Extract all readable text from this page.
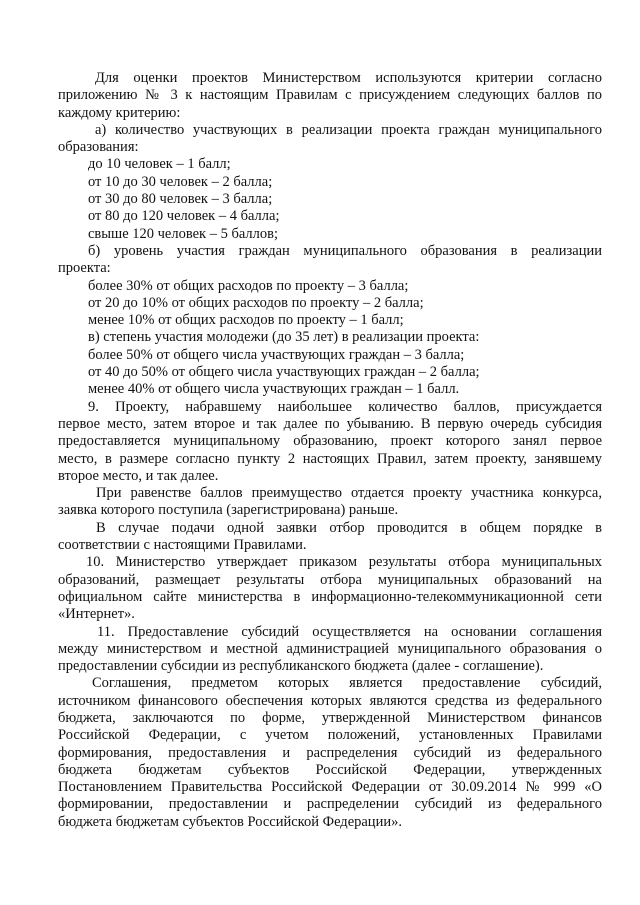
Для оценки проектов Министерством используются критерии согласно
приложению № 3 к настоящим Правилам с присуждением следующих баллов по
каждому критерию:
а) количество участвующих в реализации проекта граждан муниципального
образования:
до 10 человек – 1 балл;
от 10 до 30 человек – 2 балла;
от 30 до 80 человек – 3 балла;
от 80 до 120 человек – 4 балла;
свыше 120 человек – 5 баллов;
б) уровень участия граждан муниципального образования в реализации
проекта:
более 30% от общих расходов по проекту – 3 балла;
от 20 до 10% от общих расходов по проекту – 2 балла;
менее 10% от общих расходов по проекту – 1 балл;
в) степень участия молодежи (до 35 лет) в реализации проекта:
более 50% от общего числа участвующих граждан – 3 балла;
от 40 до 50% от общего числа участвующих граждан – 2 балла;
менее 40% от общего числа участвующих граждан – 1 балл.
9. Проекту, набравшему наибольшее количество баллов, присуждается
первое место, затем второе и так далее по убыванию. В первую очередь субсидия
предоставляется муниципальному образованию, проект которого занял первое
место, в размере согласно пункту 2 настоящих Правил, затем проекту, занявшему
второе место, и так далее.
При равенстве баллов преимущество отдается проекту участника конкурса,
заявка которого поступила (зарегистрирована) раньше.
В случае подачи одной заявки отбор проводится в общем порядке в
соответствии с настоящими Правилами.
10. Министерство утверждает приказом результаты отбора муниципальных
образований, размещает результаты отбора муниципальных образований на
официальном сайте министерства в информационно-телекоммуникационной сети
«Интернет».
11. Предоставление субсидий осуществляется на основании соглашения
между министерством и местной администрацией муниципального образования о
предоставлении субсидии из республиканского бюджета (далее - соглашение).
Соглашения, предметом которых является предоставление субсидий,
источником финансового обеспечения которых являются средства из федерального
бюджета, заключаются по форме, утвержденной Министерством финансов
Российской Федерации, с учетом положений, установленных Правилами
формирования, предоставления и распределения субсидий из федерального
бюджета бюджетам субъектов Российской Федерации, утвержденных
Постановлением Правительства Российской Федерации от 30.09.2014 № 999 «О
формировании, предоставлении и распределении субсидий из федерального
бюджета бюджетам субъектов Российской Федерации».
